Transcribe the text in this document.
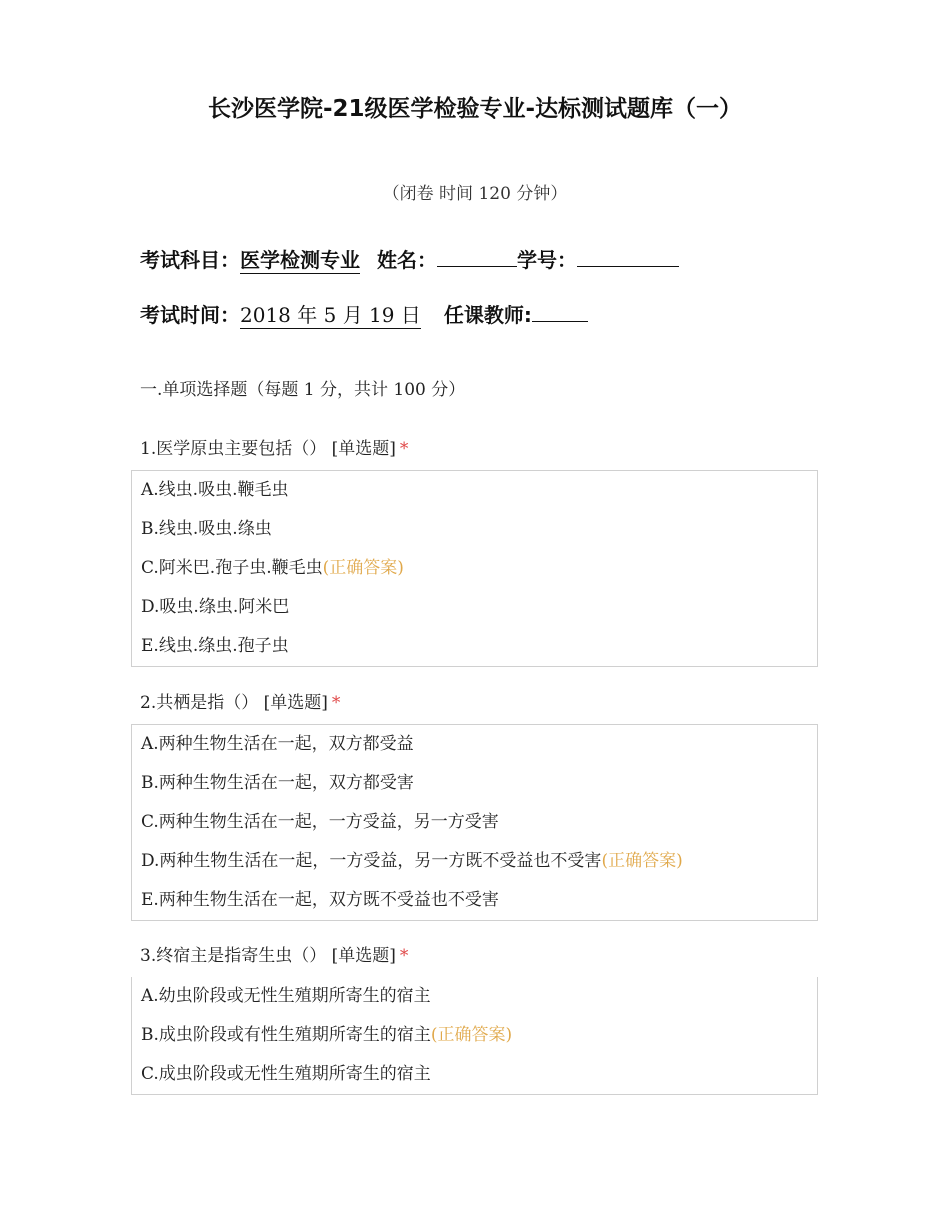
长沙医学院-21级医学检验专业-达标测试题库（一）
（闭卷 时间 120 分钟）
考试科目：医学检测专业 姓名：	学号：
考试时间：2018 年 5 月 19 日 任课教师:
一.单项选择题（每题 1 分，共计 100 分）
1.医学原虫主要包括（） [单选题] *
A.线虫.吸虫.鞭毛虫
B.线虫.吸虫.绦虫
C.阿米巴.孢子虫.鞭毛虫(正确答案)
D.吸虫.绦虫.阿米巴
E.线虫.绦虫.孢子虫
2.共栖是指（） [单选题] *
A.两种生物生活在一起，双方都受益
B.两种生物生活在一起，双方都受害
C.两种生物生活在一起，一方受益，另一方受害
D.两种生物生活在一起，一方受益，另一方既不受益也不受害(正确答案)
E.两种生物生活在一起，双方既不受益也不受害
3.终宿主是指寄生虫（） [单选题] *
A.幼虫阶段或无性生殖期所寄生的宿主
B.成虫阶段或有性生殖期所寄生的宿主(正确答案)
C.成虫阶段或无性生殖期所寄生的宿主
